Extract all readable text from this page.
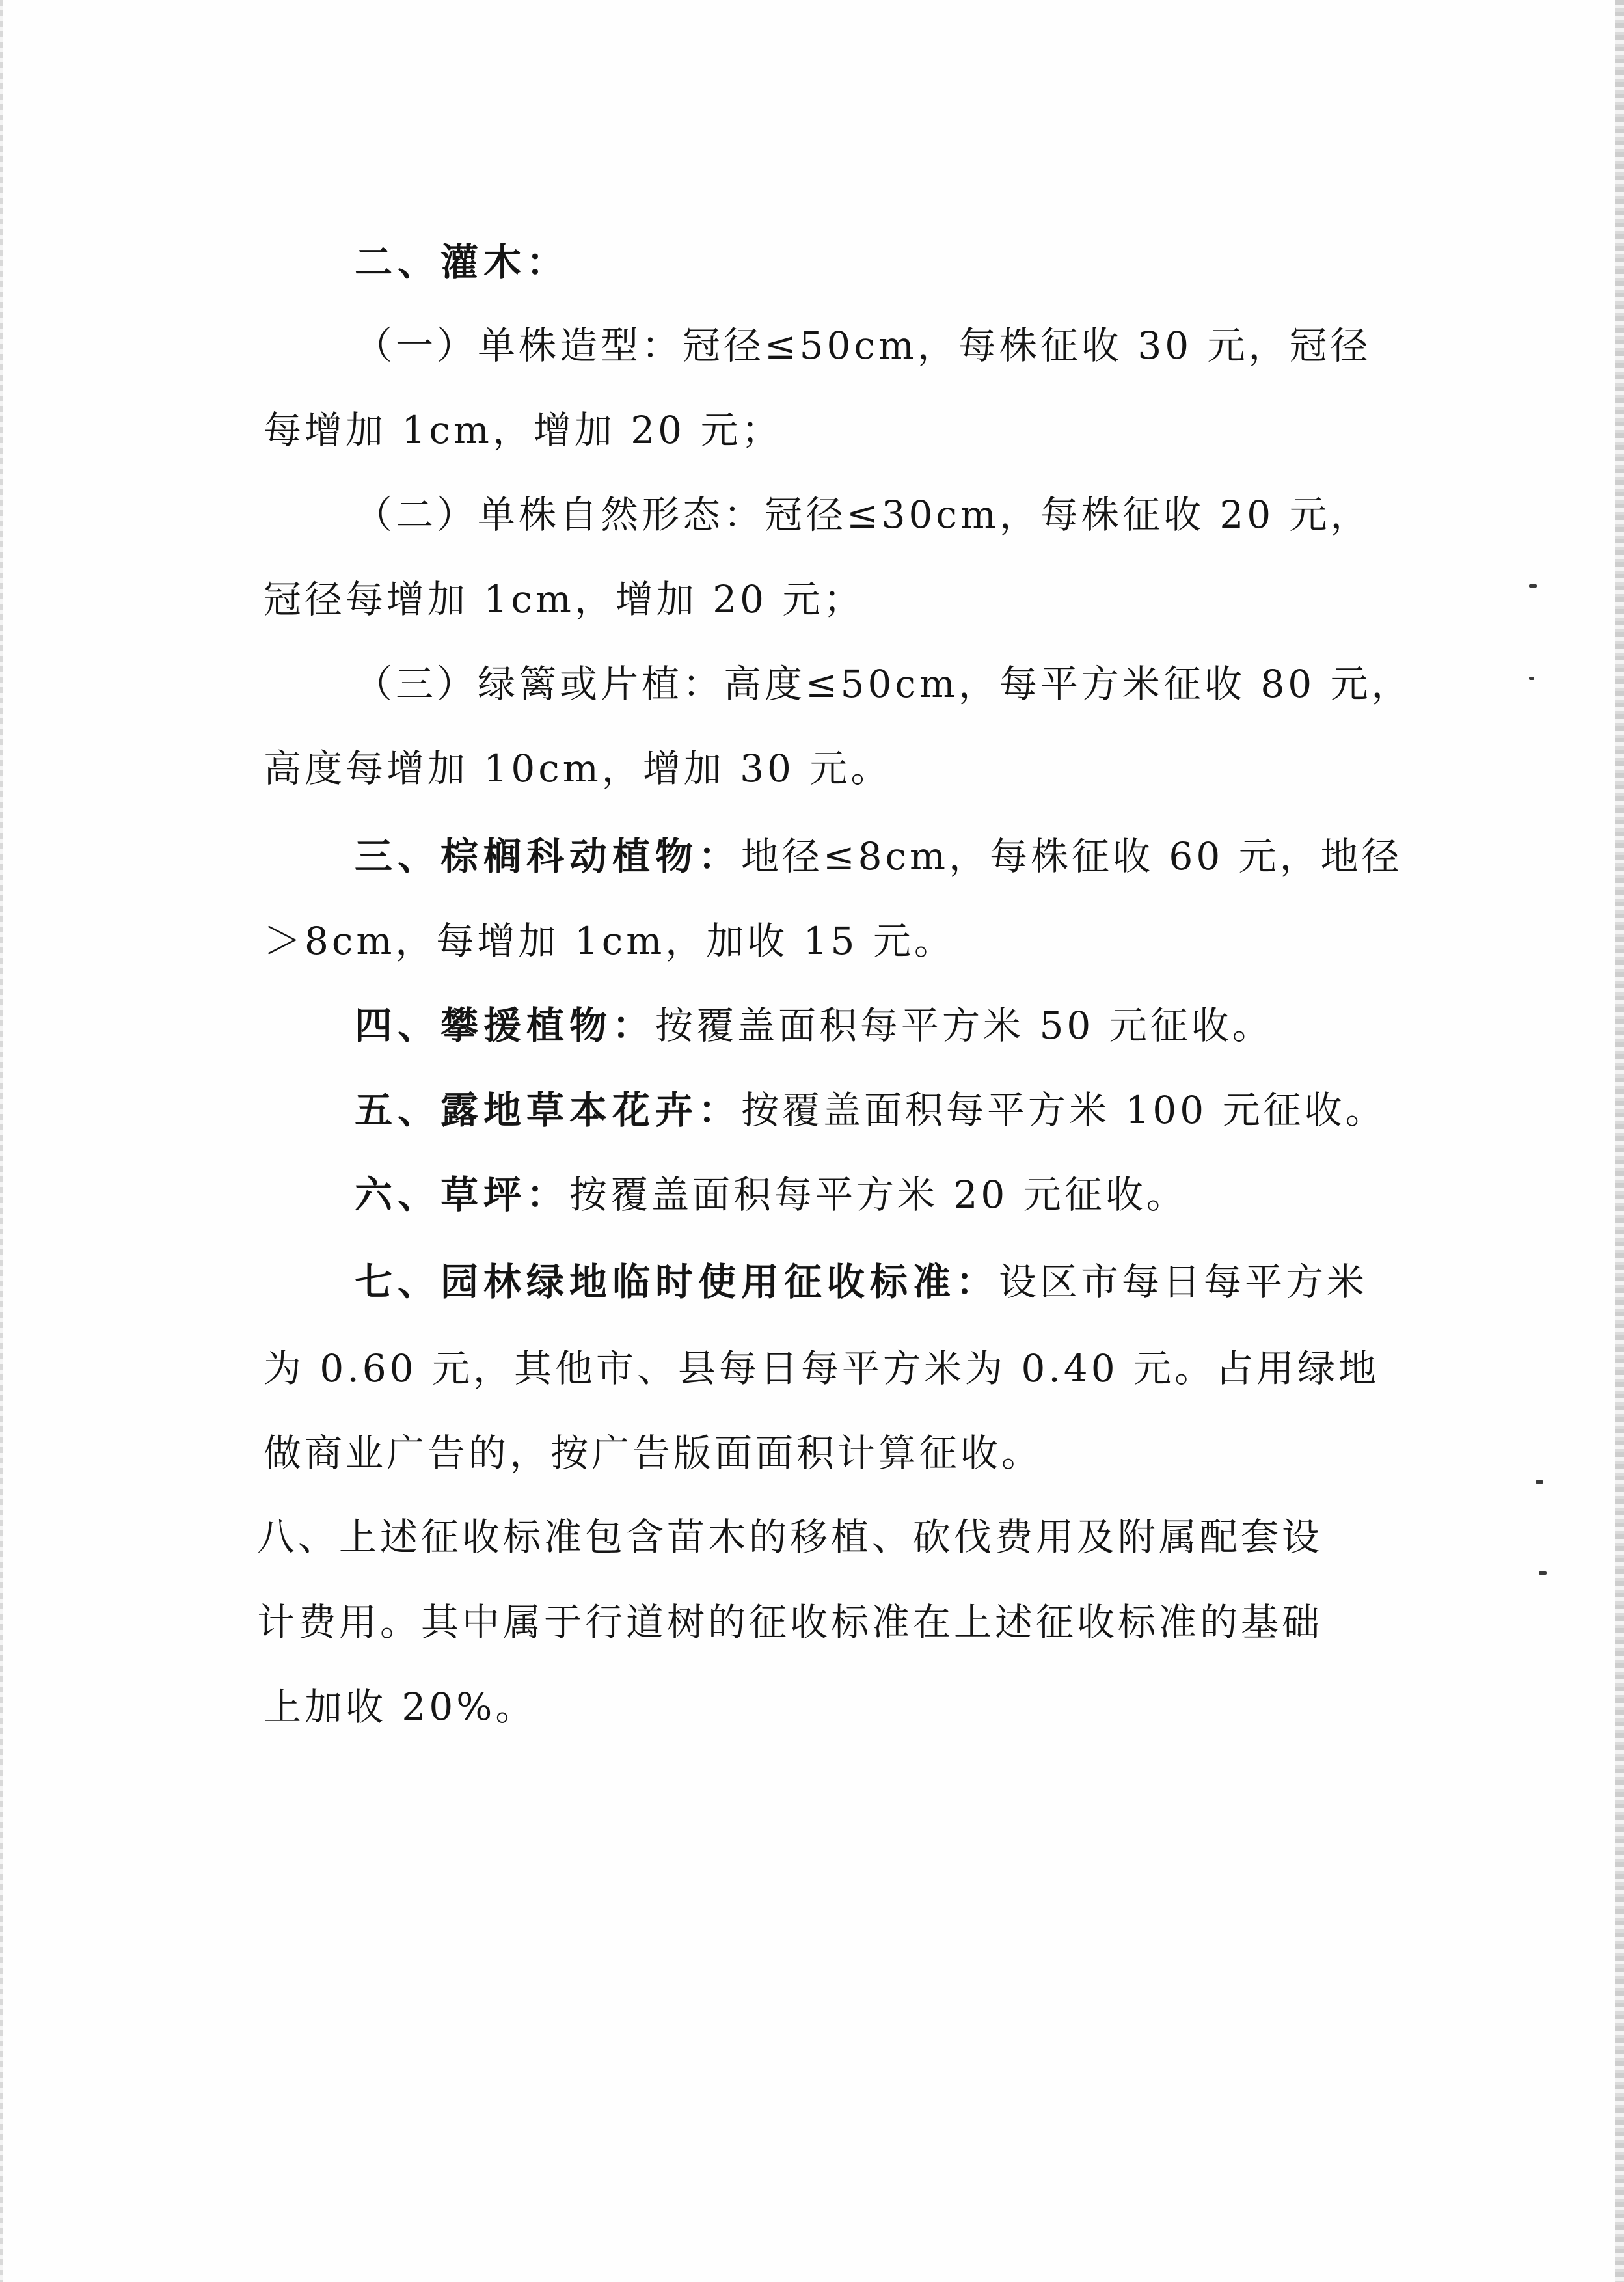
二、灌木：
（一）单株造型：冠径≤50cm，每株征收 30 元，冠径
每增加 1cm，增加 20 元；
（二）单株自然形态：冠径≤30cm，每株征收 20 元，
冠径每增加 1cm，增加 20 元；
（三）绿篱或片植：高度≤50cm，每平方米征收 80 元，
高度每增加 10cm，增加 30 元。
三、棕榈科动植物：地径≤8cm，每株征收 60 元，地径
＞8cm，每增加 1cm，加收 15 元。
四、攀援植物：按覆盖面积每平方米 50 元征收。
五、露地草本花卉：按覆盖面积每平方米 100 元征收。
六、草坪：按覆盖面积每平方米 20 元征收。
七、园林绿地临时使用征收标准：设区市每日每平方米
为 0.60 元，其他市、县每日每平方米为 0.40 元。占用绿地
做商业广告的，按广告版面面积计算征收。
八、上述征收标准包含苗木的移植、砍伐费用及附属配套设
计费用。其中属于行道树的征收标准在上述征收标准的基础
上加收 20%。
